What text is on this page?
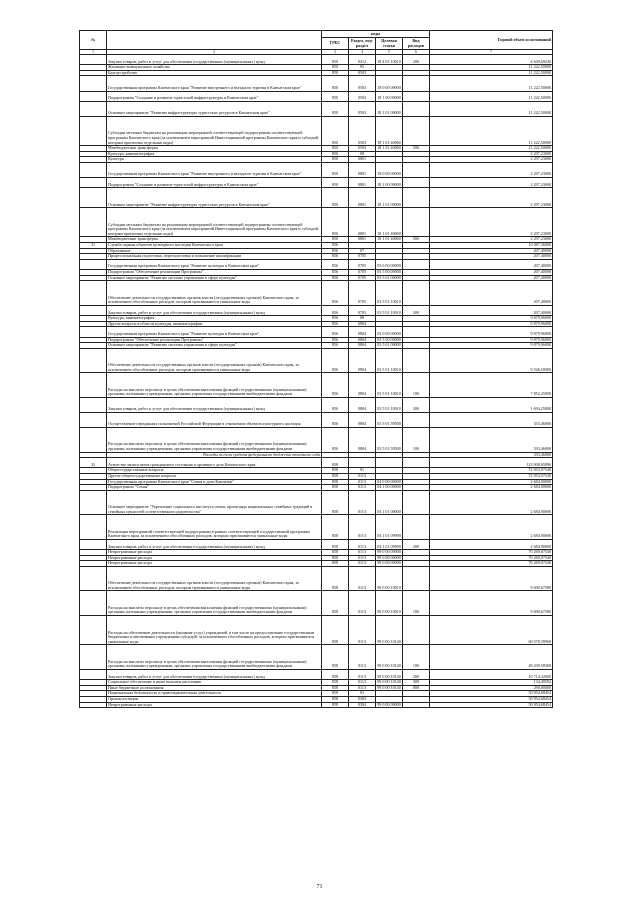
№		коды				Годовой объем ассигнований
		ГРБС	Раздел, под-раздел	Целевая статья	Вид расходов	
1	2	3	4	5	6	7
	Закупка товаров, работ и услуг для обеспечения государственных (муниципальных) нужд	850	0412	18 4 01 10010	200	4 649,69240
	Жилищно-коммунальное хозяйство	850	05			11 222,50000
	Благоустройство	850	0503			11 222,50000
	Государственная программа Камчатского края "Развитие внутреннего и въездного туризма в Камчатском крае"	850	0503	18 0 00 00000		11 222,50000
	Подпрограмма "Создание и развитие туристской инфраструктуры в Камчатском крае"	850	0503	18 1 00 00000		11 222,50000
	Основное мероприятие "Развитие инфраструктуры туристских ресурсов в Камчатском крае"	850	0503	18 1 01 00000		11 222,50000
	Субсидии местным бюджетам на реализацию мероприятий соответствующей подпрограммы соответствующей программы Камчатского края (за исключением мероприятий Инвестиционной программы Камчатского края и субсидий, которым присвоены отдельные коды)	850	0503	18 1 01 40060		11 222,50000
	Межбюджетные трансферты	850	0503	18 1 01 40060	500	11 222,50000
	Культура, кинематография	850	08			2 297,23000
	Культура	850	0801			2 297,23000
	Государственная программа Камчатского края "Развитие внутреннего и въездного туризма в Камчатском крае"	850	0801	18 0 00 00000		2 297,23000
	Подпрограмма "Создание и развитие туристской инфраструктуры в Камчатском крае"	850	0801	18 1 00 00000		2 297,23000
	Основное мероприятие "Развитие инфраструктуры туристских ресурсов в Камчатском крае"	850	0801	18 1 01 00000		2 297,23000
	Субсидии местным бюджетам на реализацию мероприятий соответствующей подпрограммы соответствующей программы Камчатского края (за исключением мероприятий Инвестиционной программы Камчатского края и субсидий, которым присвоены отдельные коды)	850	0801	18 1 01 40060		2 297,23000
	Межбюджетные трансферты	850	0801	18 1 01 40060	500	2 297,23000
31	Служба охраны объектов культурного наследия Камчатского края	856				10 087,36000
	Образование	856	07			207,40000
	Профессиональная подготовка, переподготовка и повышение квалификации	856	0705			207,40000
	Государственная программа Камчатского края "Развитие культуры в Камчатском крае"	856	0705	03 0 00 00000		207,40000
	Подпрограмма "Обеспечение реализации Программы"	856	0705	03 5 00 00000		207,40000
	Основное мероприятие "Развитие системы управления в сфере культуры"	856	0705	03 5 01 00000		207,40000
	Обеспечение деятельности государственных органов власти (государственных органов) Камчатского края, за исключением обособленных расходов, которым присваиваются уникальные коды	856	0705	03 5 01 10010		207,40000
	Закупка товаров, работ и услуг для обеспечения государственных (муниципальных) нужд	856	0705	03 5 01 10010	200	207,40000
	Культура, кинематография	856	08			9 879,96000
	Другие вопросы в области культуры, кинематографии	856	0804			9 879,96000
	Государственная программа Камчатского края "Развитие культуры в Камчатском крае"	856	0804	03 0 00 00000		9 879,96000
	Подпрограмма "Обеспечение реализации Программы"	856	0804	03 5 00 00000		9 879,96000
	Основное мероприятие "Развитие системы управления в сфере культуры"	856	0804	03 5 01 00000		9 879,96000
	Обеспечение деятельности государственных органов власти (государственных органов) Камчатского края, за исключением обособленных расходов, которым присваиваются уникальные коды	856	0804	03 5 01 10010		9 546,50000
	Расходы на выплаты персоналу в целях обеспечения выполнения функций государственными (муниципальными) органами, казенными учреждениями, органами управления государственными внебюджетными фондами	856	0804	03 5 01 10010	100	7 852,25000
	Закупка товаров, работ и услуг для обеспечения государственных (муниципальных) нужд	856	0804	03 5 01 10010	200	1 694,25000
	Осуществление переданных полномочий Российской Федерации в отношении объектов культурного наследия	856	0804	03 5 01 59500		333,46000
	Расходы на выплаты персоналу в целях обеспечения выполнения функций государственными (муниципальными) органами, казенными учреждениями, органами управления государственными внебюджетными фондами	856	0804	03 5 01 59500	100	333,46000
	Расходы за счет средств федерального бюджета отчетного года					333,46000
32	Агентство записи актов гражданского состояния и архивного дела Камчатского края	858				123 908,65896
	Общегосударственные вопросы	858	01			72 953,97540
	Другие общегосударственные вопросы	858	0113			72 953,97540
	Государственная программа Камчатского края "Семья и дети Камчатки"	858	0113	04 0 00 00000		2 684,90000
	Подпрограмма "Семья"	858	0113	04 1 00 00000		2 684,90000
	Основное мероприятие "Укрепление социального института семьи, пропаганда национальных семейных традиций и семейных ценностей и ответственного родительства"	858	0113	04 1 01 00000		2 684,90000
	Реализация мероприятий соответствующей подпрограммы в рамках соответствующей государственной программы Камчатского края, за исключением обособленных расходов, которым присваиваются уникальные коды	858	0113	04 1 01 09990		2 684,90000
	Закупка товаров, работ и услуг для обеспечения государственных (муниципальных) нужд	858	0113	04 1 01 09990	200	2 684,90000
	Непрограммные расходы	858	0113	99 0 00 00000		70 269,07540
	Непрограммные расходы	858	0113	99 0 00 00000		70 269,07540
	Непрограммные расходы	858	0113	99 0 00 00000		70 269,07540
	Обеспечение деятельности государственных органов власти (государственных органов) Камчатского края, за исключением обособленных расходов, которым присваиваются уникальные коды	858	0113	99 0 00 10010		9 690,67580
	Расходы на выплаты персоналу в целях обеспечения выполнения функций государственными (муниципальными) органами, казенными учреждениями, органами управления государственными внебюджетными фондами	858	0113	99 0 00 10010	100	9 690,67580
	Расходы на обеспечение деятельности (оказание услуг) учреждений, в том числе на предоставление государственным бюджетным и автономным учреждениям субсидий, за исключением обособленных расходов, которым присваиваются уникальные коды	858	0113	99 0 00 10140		60 578,39960
	Расходы на выплаты персоналу в целях обеспечения выполнения функций государственными (муниципальными) органами, казенными учреждениями, органами управления государственными внебюджетными фондами	858	0113	99 0 00 10140	100	49 439,58368
	Закупка товаров, работ и услуг для обеспечения государственных (муниципальных) нужд	858	0113	99 0 00 10140	200	10 714,32000
	Социальное обеспечение и иные выплаты населению	858	0113	99 0 00 10140	300	134,49592
	Иные бюджетные ассигнования	858	0113	99 0 00 10140	800	290,00000
	Национальная безопасность и правоохранительная деятельность	858	03			50 954,68454
	Органы юстиции	858	0304			50 954,68454
	Непрограммные расходы	858	0304	99 0 00 00000		50 954,68454
71
